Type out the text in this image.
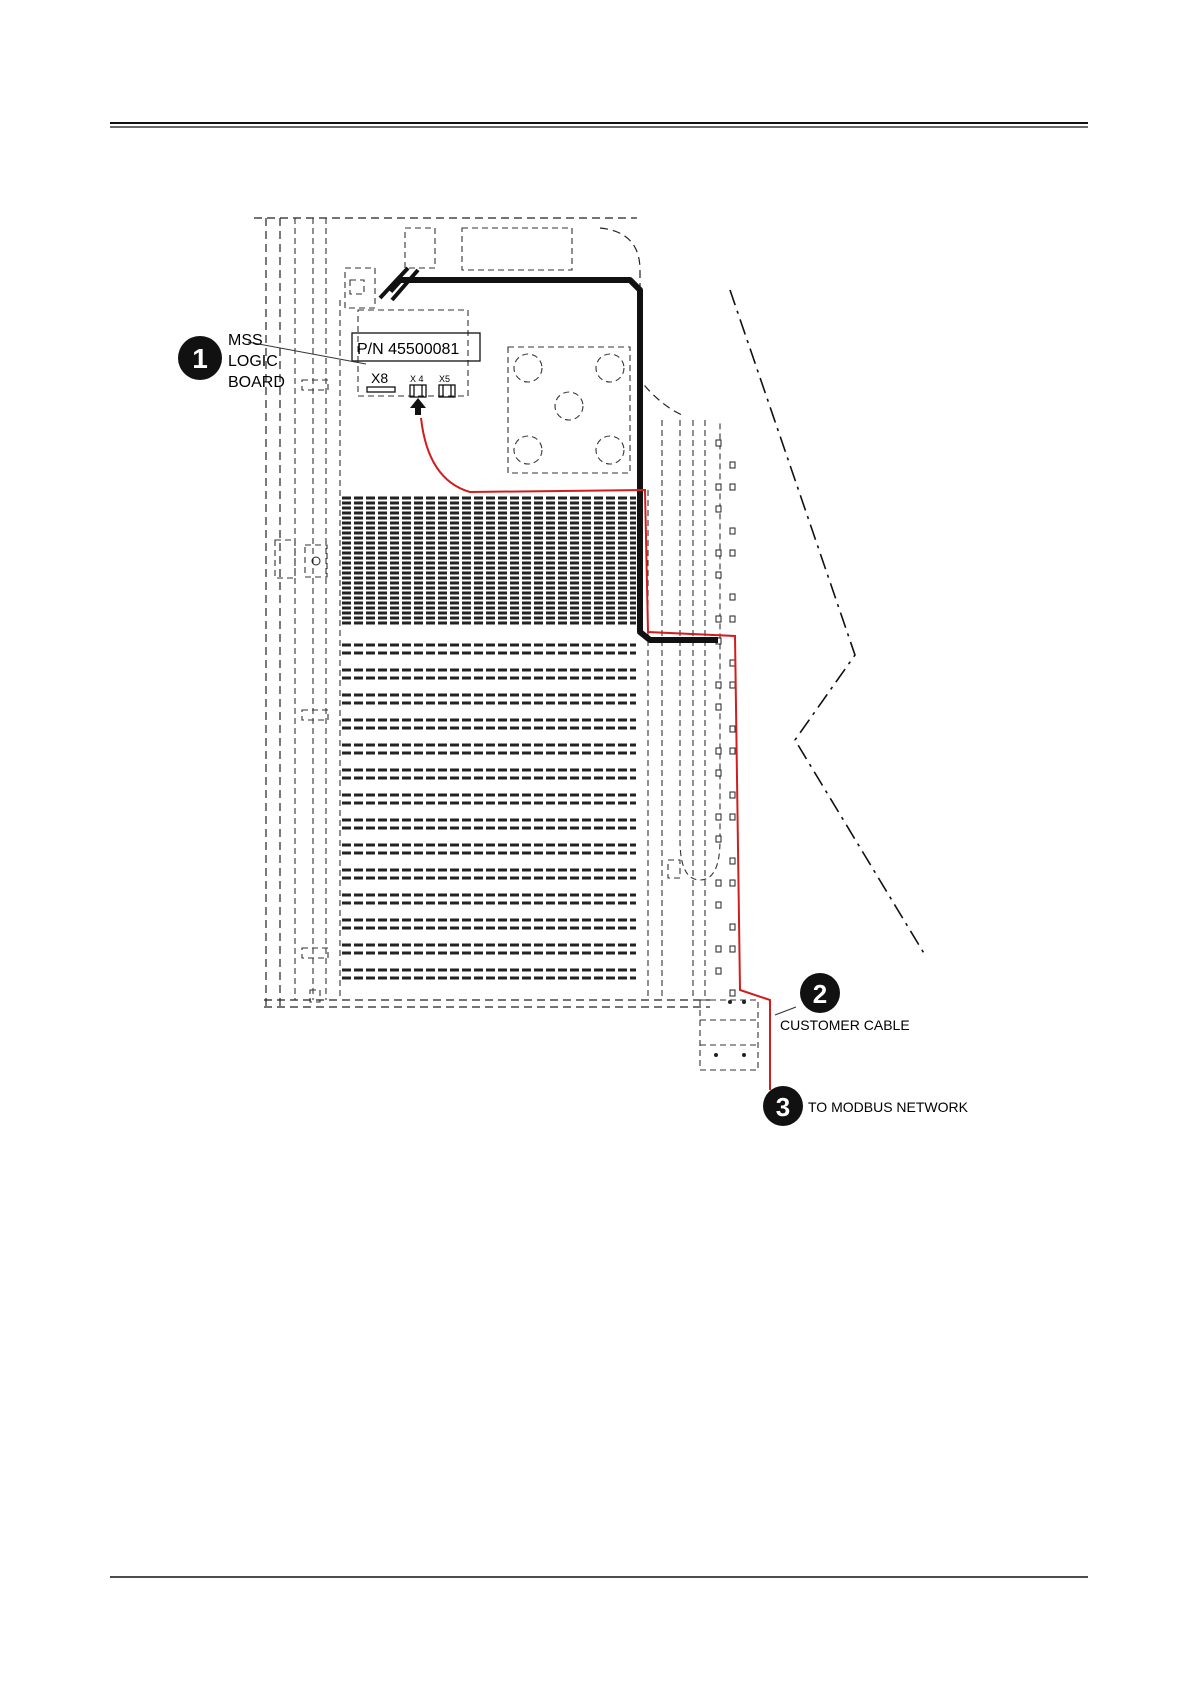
P/N 45500081
X8 X 4 X5
1
MSS
LOGIC
BOARD
2
CUSTOMER CABLE
3 TO MODBUS NETWORK
